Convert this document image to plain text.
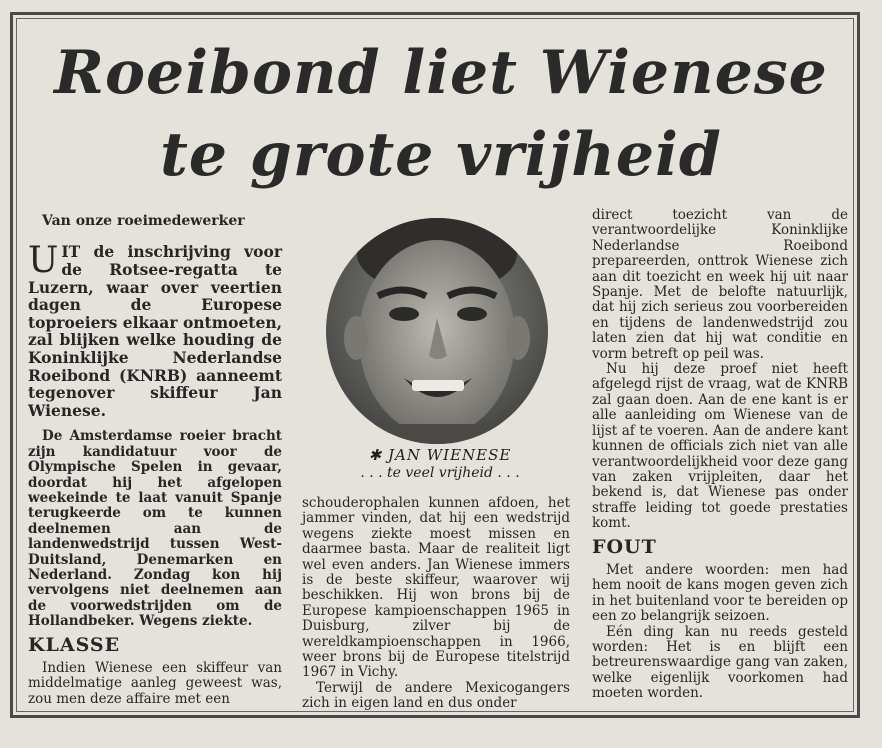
Roeibond liet Wienese
te grote vrijheid

Van onze roeimedewerker

UIT de inschrijving voor de Rotsee-regatta te Luzern, waar over veertien dagen de Europese toproeiers elkaar ontmoeten, zal blijken welke houding de Koninklijke Nederlandse Roeibond (KNRB) aanneemt tegenover skiffeur Jan Wienese.

De Amsterdamse roeier bracht zijn kandidatuur voor de Olympische Spelen in gevaar, doordat hij het afgelopen weekeinde te laat vanuit Spanje terugkeerde om te kunnen deelnemen aan de landenwedstrijd tussen West-Duitsland, Denemarken en Nederland. Zondag kon hij vervolgens niet deelnemen aan de voorwedstrijden om de Hollandbeker. Wegens ziekte.

KLASSE

Indien Wienese een skiffeur van middelmatige aanleg geweest was, zou men deze affaire met een

✱ JAN WIENESE

. . . te veel vrijheid . . .

schouderophalen kunnen afdoen, het jammer vinden, dat hij een wedstrijd wegens ziekte moest missen en daarmee basta. Maar de realiteit ligt wel even anders. Jan Wienese immers is de beste skiffeur, waarover wij beschikken. Hij won brons bij de Europese kampioenschappen 1965 in Duisburg, zilver bij de wereldkampioenschappen in 1966, weer brons bij de Europese titelstrijd 1967 in Vichy.

Terwijl de andere Mexicogangers zich in eigen land en dus onder

direct toezicht van de verantwoordelijke Koninklijke Nederlandse Roeibond prepareerden, onttrok Wienese zich aan dit toezicht en week hij uit naar Spanje. Met de belofte natuurlijk, dat hij zich serieus zou voorbereiden en tijdens de landenwedstrijd zou laten zien dat hij wat conditie en vorm betreft op peil was.

Nu hij deze proef niet heeft afgelegd rijst de vraag, wat de KNRB zal gaan doen. Aan de ene kant is er alle aanleiding om Wienese van de lijst af te voeren. Aan de andere kant kunnen de officials zich niet van alle verantwoordelijkheid voor deze gang van zaken vrijpleiten, daar het bekend is, dat Wienese pas onder straffe leiding tot goede prestaties komt.

FOUT

Met andere woorden: men had hem nooit de kans mogen geven zich in het buitenland voor te bereiden op een zo belangrijk seizoen.

Eén ding kan nu reeds gesteld worden: Het is en blijft een betreurenswaardige gang van zaken, welke eigenlijk voorkomen had moeten worden.
